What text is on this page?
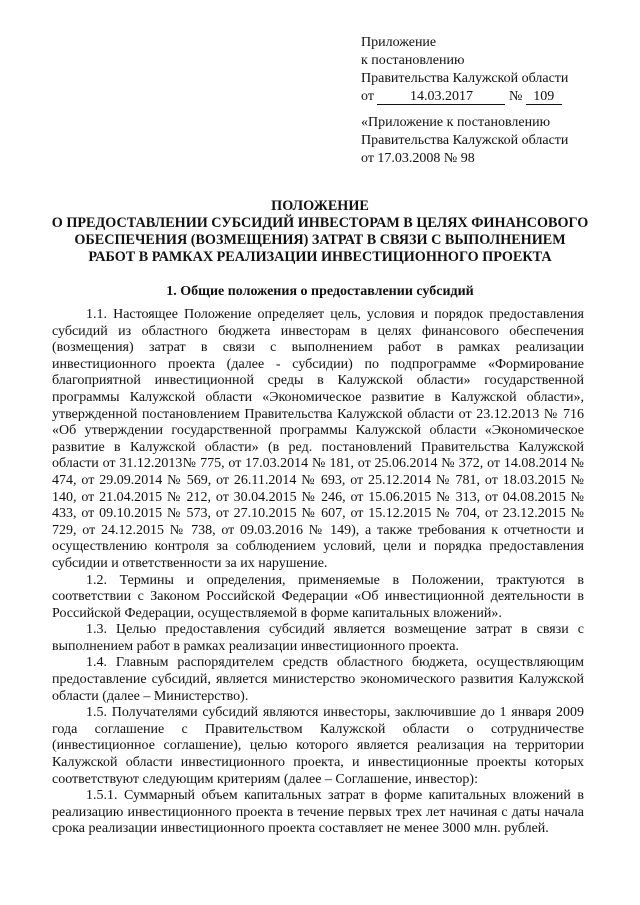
Приложение
к постановлению
Правительства Калужской области
от	14.03.2017	№ 109
«Приложение к постановлению
Правительства Калужской области
от 17.03.2008 № 98
ПОЛОЖЕНИЕ
О ПРЕДОСТАВЛЕНИИ СУБСИДИЙ ИНВЕСТОРАМ В ЦЕЛЯХ ФИНАНСОВОГО
ОБЕСПЕЧЕНИЯ (ВОЗМЕЩЕНИЯ) ЗАТРАТ В СВЯЗИ С ВЫПОЛНЕНИЕМ
РАБОТ В РАМКАХ РЕАЛИЗАЦИИ ИНВЕСТИЦИОННОГО ПРОЕКТА
1. Общие положения о предоставлении субсидий

1.1. Настоящее Положение определяет цель, условия и порядок предоставления субсидий из областного бюджета инвесторам в целях финансового обеспечения (возмещения) затрат в связи с выполнением работ в рамках реализации инвестиционного проекта (далее - субсидии) по подпрограмме «Формирование благоприятной инвестиционной среды в Калужской области» государственной программы Калужской области «Экономическое развитие в Калужской области», утвержденной постановлением Правительства Калужской области от 23.12.2013 № 716 «Об утверждении государственной программы Калужской области «Экономическое развитие в Калужской области» (в ред. постановлений Правительства Калужской области от 31.12.2013№ 775, от 17.03.2014 № 181, от 25.06.2014 № 372, от 14.08.2014 № 474, от 29.09.2014 № 569, от 26.11.2014 № 693, от 25.12.2014 № 781, от 18.03.2015 № 140, от 21.04.2015 № 212, от 30.04.2015 № 246, от 15.06.2015 № 313, от 04.08.2015 № 433, от 09.10.2015 № 573, от 27.10.2015 № 607, от 15.12.2015 № 704, от 23.12.2015 № 729, от 24.12.2015 № 738, от 09.03.2016 № 149), а также требования к отчетности и осуществлению контроля за соблюдением условий, цели и порядка предоставления субсидии и ответственности за их нарушение.

1.2. Термины и определения, применяемые в Положении, трактуются в соответствии с Законом Российской Федерации «Об инвестиционной деятельности в Российской Федерации, осуществляемой в форме капитальных вложений».

1.3. Целью предоставления субсидий является возмещение затрат в связи с выполнением работ в рамках реализации инвестиционного проекта.

1.4. Главным распорядителем средств областного бюджета, осуществляющим предоставление субсидий, является министерство экономического развития Калужской области (далее – Министерство).

1.5. Получателями субсидий являются инвесторы, заключившие до 1 января 2009 года соглашение с Правительством Калужской области о сотрудничестве (инвестиционное соглашение), целью которого является реализация на территории Калужской области инвестиционного проекта, и инвестиционные проекты которых соответствуют следующим критериям (далее – Соглашение, инвестор):

1.5.1. Суммарный объем капитальных затрат в форме капитальных вложений в реализацию инвестиционного проекта в течение первых трех лет начиная с даты начала срока реализации инвестиционного проекта составляет не менее 3000 млн. рублей.
